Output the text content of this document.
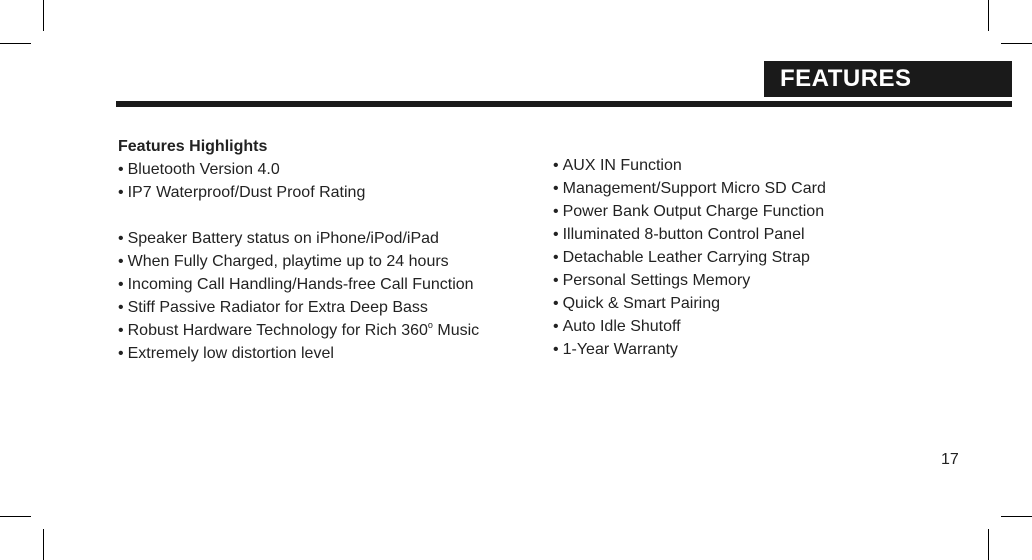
FEATURES
Features Highlights
• Bluetooth Version 4.0
• IP7 Waterproof/Dust Proof Rating
• Speaker Battery status on iPhone/iPod/iPad
• When Fully Charged, playtime up to 24 hours
• Incoming Call Handling/Hands-free Call Function
• Stiff Passive Radiator for Extra Deep Bass
• Robust Hardware Technology for Rich 360$^o$ Music
• Extremely low distortion level
• AUX IN Function
• Management/Support Micro SD Card
• Power Bank Output Charge Function
• Illuminated 8-button Control Panel
• Detachable Leather Carrying Strap
• Personal Settings Memory
• Quick & Smart Pairing
• Auto Idle Shutoff
• 1-Year Warranty
17
